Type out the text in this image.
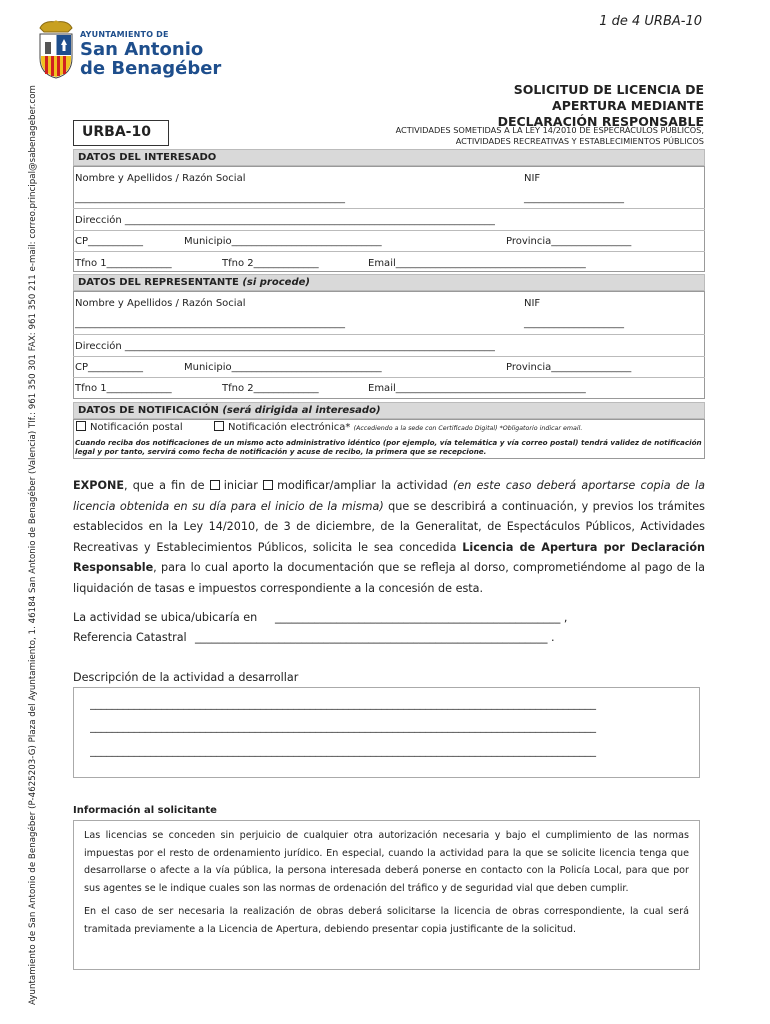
Ayuntamiento de San Antonio de Benagéber (P-4625203-G) Plaza del Ayuntamiento, 1. 46184 San Antonio de Benagéber (Valencia) Tlf.: 961 350 301 FAX: 961 350 211 e-mail: correo.principal@sabenageber.com
1 de 4 URBA-10
AYUNTAMIENTO DE
San Antonio
de Benagéber
SOLICITUD DE LICENCIA DE
APERTURA MEDIANTE
DECLARACIÓN RESPONSABLE
ACTIVIDADES SOMETIDAS A LA LEY 14/2010 DE ESPECRÁCULOS PÚBLICOS,
ACTIVIDADES RECREATIVAS Y ESTABLECIMIENTOS PÚBLICOS
URBA-10
DATOS DEL INTERESADO
Nombre y Apellidos / Razón Social	NIF
______________________________________________________	____________________
Dirección __________________________________________________________________________
CP___________	Municipio______________________________	Provincia________________
Tfno 1_____________	Tfno 2_____________	Email______________________________________
DATOS DEL REPRESENTANTE (si procede)
Nombre y Apellidos / Razón Social	NIF
______________________________________________________	____________________
Dirección __________________________________________________________________________
CP___________	Municipio______________________________	Provincia________________
Tfno 1_____________	Tfno 2_____________	Email______________________________________
DATOS DE NOTIFICACIÓN (será dirigida al interesado)
Notificación postal	Notificación electrónica* (Accediendo a la sede con Certificado Digital) *Obligatorio indicar email.
Cuando reciba dos notificaciones de un mismo acto administrativo idéntico (por ejemplo, vía telemática y vía correo postal) tendrá validez de notificación legal y por tanto, servirá como fecha de notificación y acuse de recibo, la primera que se recepcione.
EXPONE, que a fin de iniciar modificar/ampliar la actividad (en este caso deberá aportarse copia de la licencia obtenida en su día para el inicio de la misma) que se describirá a continuación, y previos los trámites establecidos en la Ley 14/2010, de 3 de diciembre, de la Generalitat, de Espectáculos Públicos, Actividades Recreativas y Establecimientos Públicos, solicita le sea concedida Licencia de Apertura por Declaración Responsable, para lo cual aporto la documentación que se refleja al dorso, comprometiéndome al pago de la liquidación de tasas e impuestos correspondiente a la concesión de esta.
La actividad se ubica/ubicaría en ___________________________________________________ ,
Referencia Catastral _______________________________________________________________ .
Descripción de la actividad a desarrollar
____________________________________________________________________________________________
____________________________________________________________________________________________
____________________________________________________________________________________________
Información al solicitante

Las licencias se conceden sin perjuicio de cualquier otra autorización necesaria y bajo el cumplimiento de las normas impuestas por el resto de ordenamiento jurídico. En especial, cuando la actividad para la que se solicite licencia tenga que desarrollarse o afecte a la vía pública, la persona interesada deberá ponerse en contacto con la Policía Local, para que por sus agentes se le indique cuales son las normas de ordenación del tráfico y de seguridad vial que deben cumplir.

En el caso de ser necesaria la realización de obras deberá solicitarse la licencia de obras correspondiente, la cual será tramitada previamente a la Licencia de Apertura, debiendo presentar copia justificante de la solicitud.
